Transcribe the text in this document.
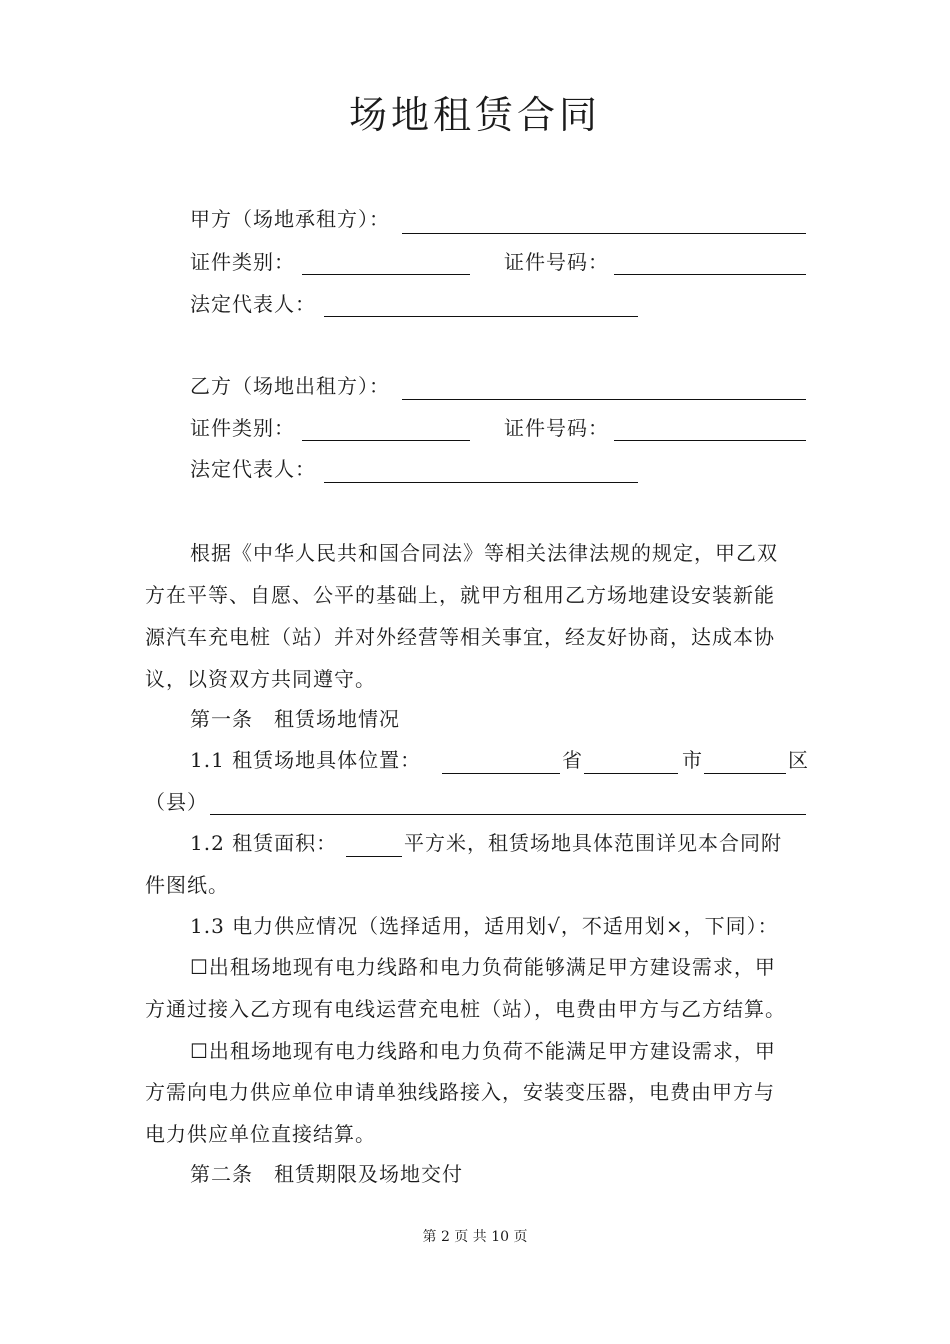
场地租赁合同
甲方（场地承租方）：
证件类别：	证件号码：
法定代表人：
乙方（场地出租方）：
证件类别：	证件号码：
法定代表人：
根据《中华人民共和国合同法》等相关法律法规的规定，甲乙双
方在平等、自愿、公平的基础上，就甲方租用乙方场地建设安装新能
源汽车充电桩（站）并对外经营等相关事宜，经友好协商，达成本协
议，以资双方共同遵守。
第一条　租赁场地情况
1.1 租赁场地具体位置：	省	市	区
（县）
1.2 租赁面积：	平方米，租赁场地具体范围详见本合同附
件图纸。
1.3 电力供应情况（选择适用，适用划√，不适用划×，下同）：
☐出租场地现有电力线路和电力负荷能够满足甲方建设需求，甲
方通过接入乙方现有电线运营充电桩（站），电费由甲方与乙方结算。
☐出租场地现有电力线路和电力负荷不能满足甲方建设需求，甲
方需向电力供应单位申请单独线路接入，安装变压器，电费由甲方与
电力供应单位直接结算。
第二条　租赁期限及场地交付
第 2 页 共 10 页
